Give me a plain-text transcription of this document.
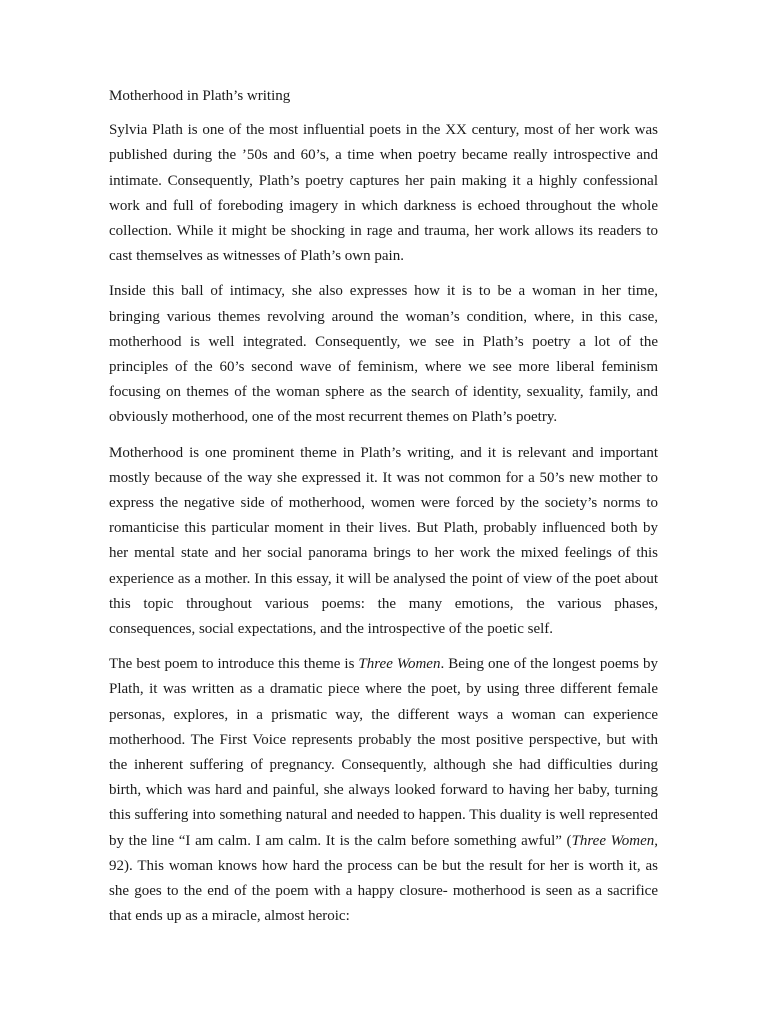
Motherhood in Plath’s writing

Sylvia Plath is one of the most influential poets in the XX century, most of her work was published during the ’50s and 60’s, a time when poetry became really introspective and intimate. Consequently, Plath’s poetry captures her pain making it a highly confessional work and full of foreboding imagery in which darkness is echoed throughout the whole collection. While it might be shocking in rage and trauma, her work allows its readers to cast themselves as witnesses of Plath’s own pain.

Inside this ball of intimacy, she also expresses how it is to be a woman in her time, bringing various themes revolving around the woman’s condition, where, in this case, motherhood is well integrated. Consequently, we see in Plath’s poetry a lot of the principles of the 60’s second wave of feminism, where we see more liberal feminism focusing on themes of the woman sphere as the search of identity, sexuality, family, and obviously motherhood, one of the most recurrent themes on Plath’s poetry.

Motherhood is one prominent theme in Plath’s writing, and it is relevant and important mostly because of the way she expressed it. It was not common for a 50’s new mother to express the negative side of motherhood, women were forced by the society’s norms to romanticise this particular moment in their lives. But Plath, probably influenced both by her mental state and her social panorama brings to her work the mixed feelings of this experience as a mother. In this essay, it will be analysed the point of view of the poet about this topic throughout various poems: the many emotions, the various phases, consequences, social expectations, and the introspective of the poetic self.

The best poem to introduce this theme is Three Women. Being one of the longest poems by Plath, it was written as a dramatic piece where the poet, by using three different female personas, explores, in a prismatic way, the different ways a woman can experience motherhood. The First Voice represents probably the most positive perspective, but with the inherent suffering of pregnancy. Consequently, although she had difficulties during birth, which was hard and painful, she always looked forward to having her baby, turning this suffering into something natural and needed to happen. This duality is well represented by the line “I am calm. I am calm. It is the calm before something awful” (Three Women, 92). This woman knows how hard the process can be but the result for her is worth it, as she goes to the end of the poem with a happy closure- motherhood is seen as a sacrifice that ends up as a miracle, almost heroic:
